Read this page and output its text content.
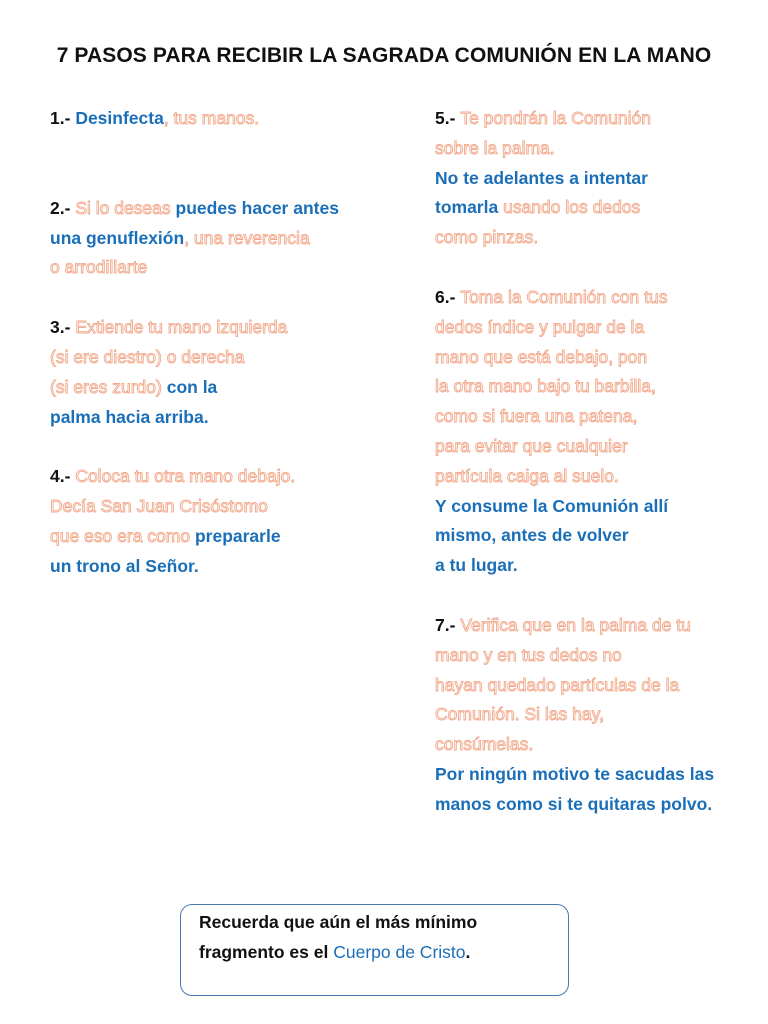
7 PASOS PARA RECIBIR LA SAGRADA COMUNIÓN EN LA MANO
1.- Desinfecta, tus manos.
2.- Si lo deseas puedes hacer antes
una genuflexión, una reverencia
o arrodillarte
3.- Extiende tu mano izquierda
(si ere diestro) o derecha
(si eres zurdo) con la
palma hacia arriba.
4.- Coloca tu otra mano debajo.
Decía San Juan Crisóstomo
que eso era como prepararle
un trono al Señor.
5.- Te pondrán la Comunión
sobre la palma.
No te adelantes a intentar
tomarla usando los dedos
como pinzas.
6.- Toma la Comunión con tus
dedos índice y pulgar de la
mano que está debajo, pon
la otra mano bajo tu barbilla,
como si fuera una patena,
para evitar que cualquier
partícula caiga al suelo.
Y consume la Comunión allí
mismo, antes de volver
a tu lugar.
7.- Verifica que en la palma de tu
mano y en tus dedos no
hayan quedado partículas de la
Comunión. Si las hay,
consúmelas.
Por ningún motivo te sacudas las
manos como si te quitaras polvo.
Recuerda que aún el más mínimo
fragmento es el Cuerpo de Cristo.
